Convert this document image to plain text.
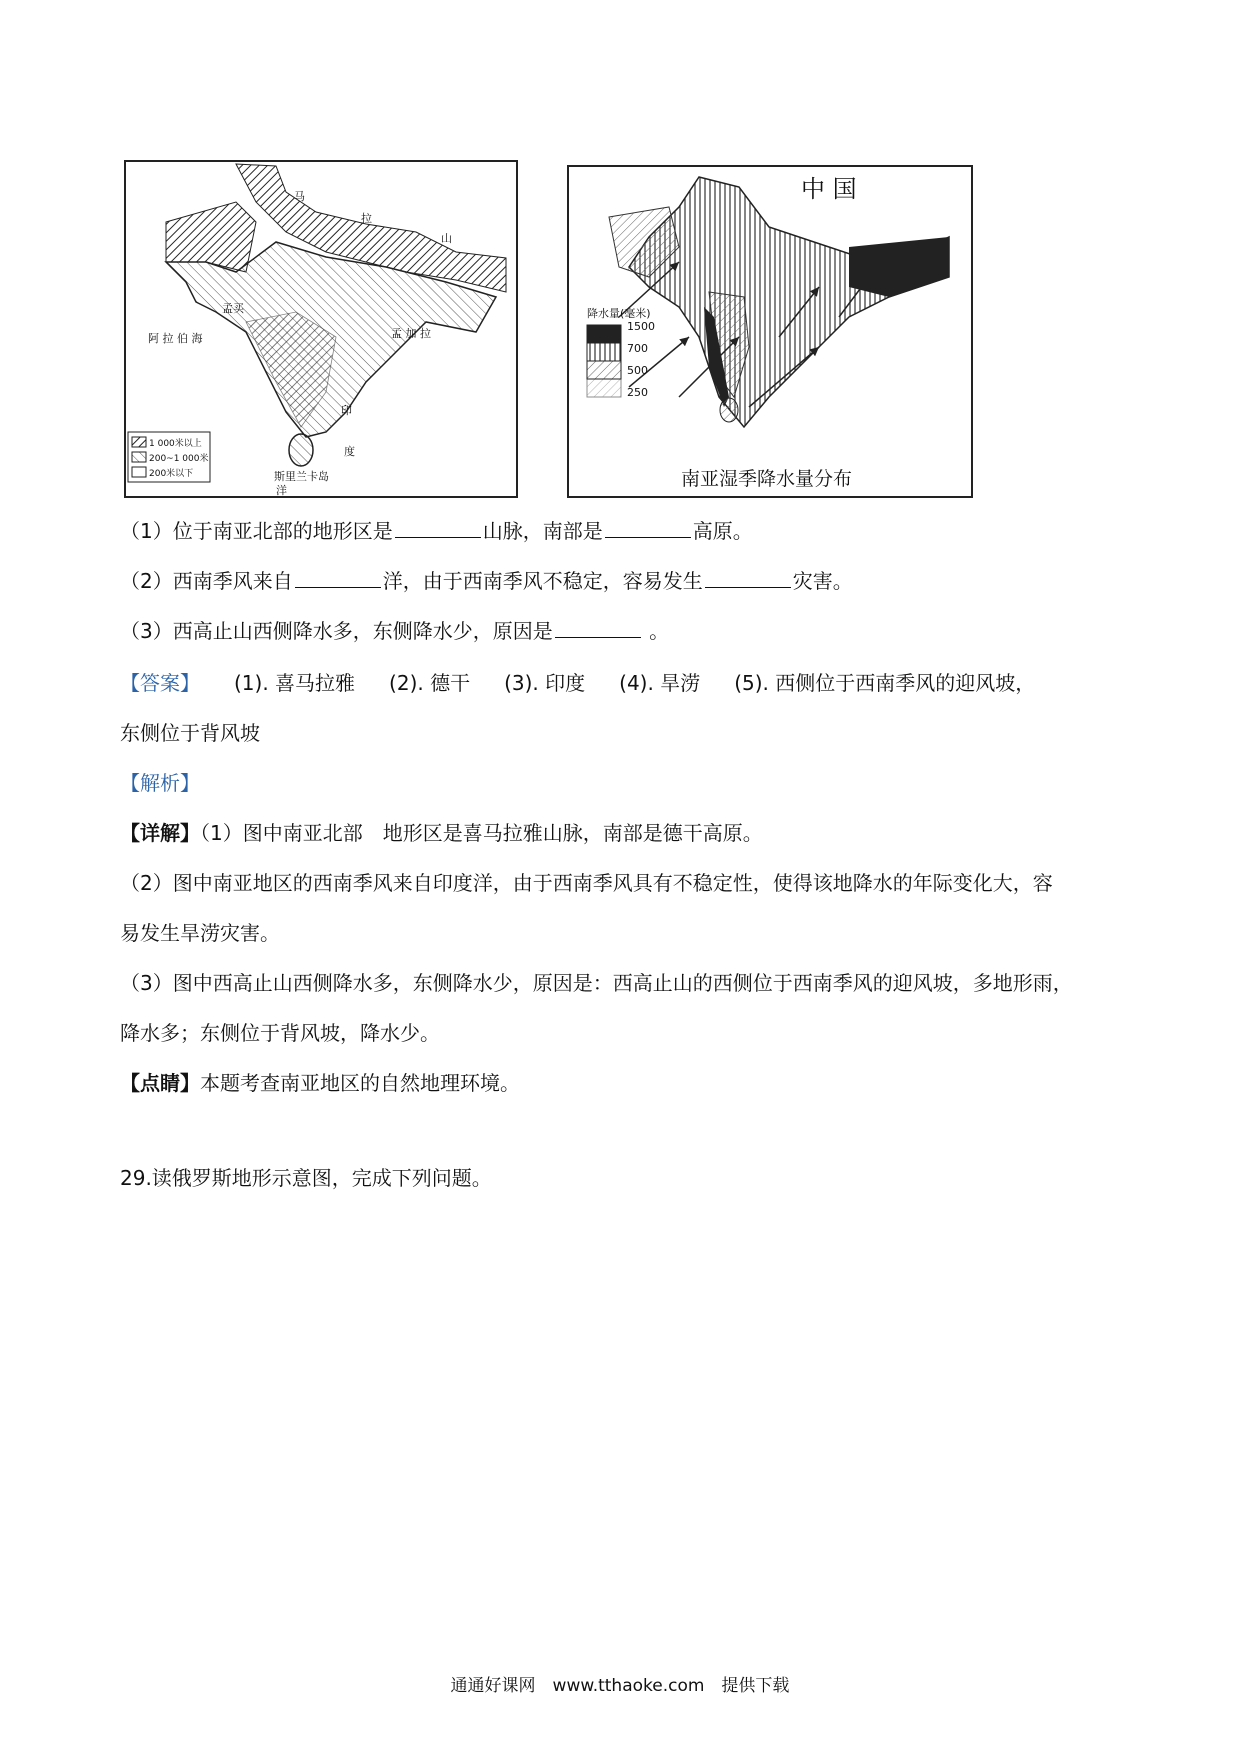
马
拉
山
阿 拉 伯 海	孟 加 拉
孟买
印
度
斯里兰卡岛
洋
1 000米以上
200~1 000米
200米以下
中 国
降水量(毫米)
1500
700
500
250
南亚湿季降水量分布
（1）位于南亚北部的地形区是	山脉，南部是	高原。
（2）西南季风来自	洋，由于西南季风不稳定，容易发生	灾害。
（3）西高止山西侧降水多，东侧降水少，原因是	。
【答案】 (1). 喜马拉雅 (2). 德干 (3). 印度 (4). 旱涝 (5). 西侧位于西南季风的迎风坡，
东侧位于背风坡
【解析】
【详解】（1）图中南亚北部　地形区是喜马拉雅山脉，南部是德干高原。
（2）图中南亚地区的西南季风来自印度洋，由于西南季风具有不稳定性，使得该地降水的年际变化大，容
易发生旱涝灾害。
（3）图中西高止山西侧降水多，东侧降水少，原因是：西高止山的西侧位于西南季风的迎风坡，多地形雨，
降水多；东侧位于背风坡，降水少。
【点睛】本题考查南亚地区的自然地理环境。
29.读俄罗斯地形示意图，完成下列问题。
通通好课网　www.tthaoke.com　提供下载
